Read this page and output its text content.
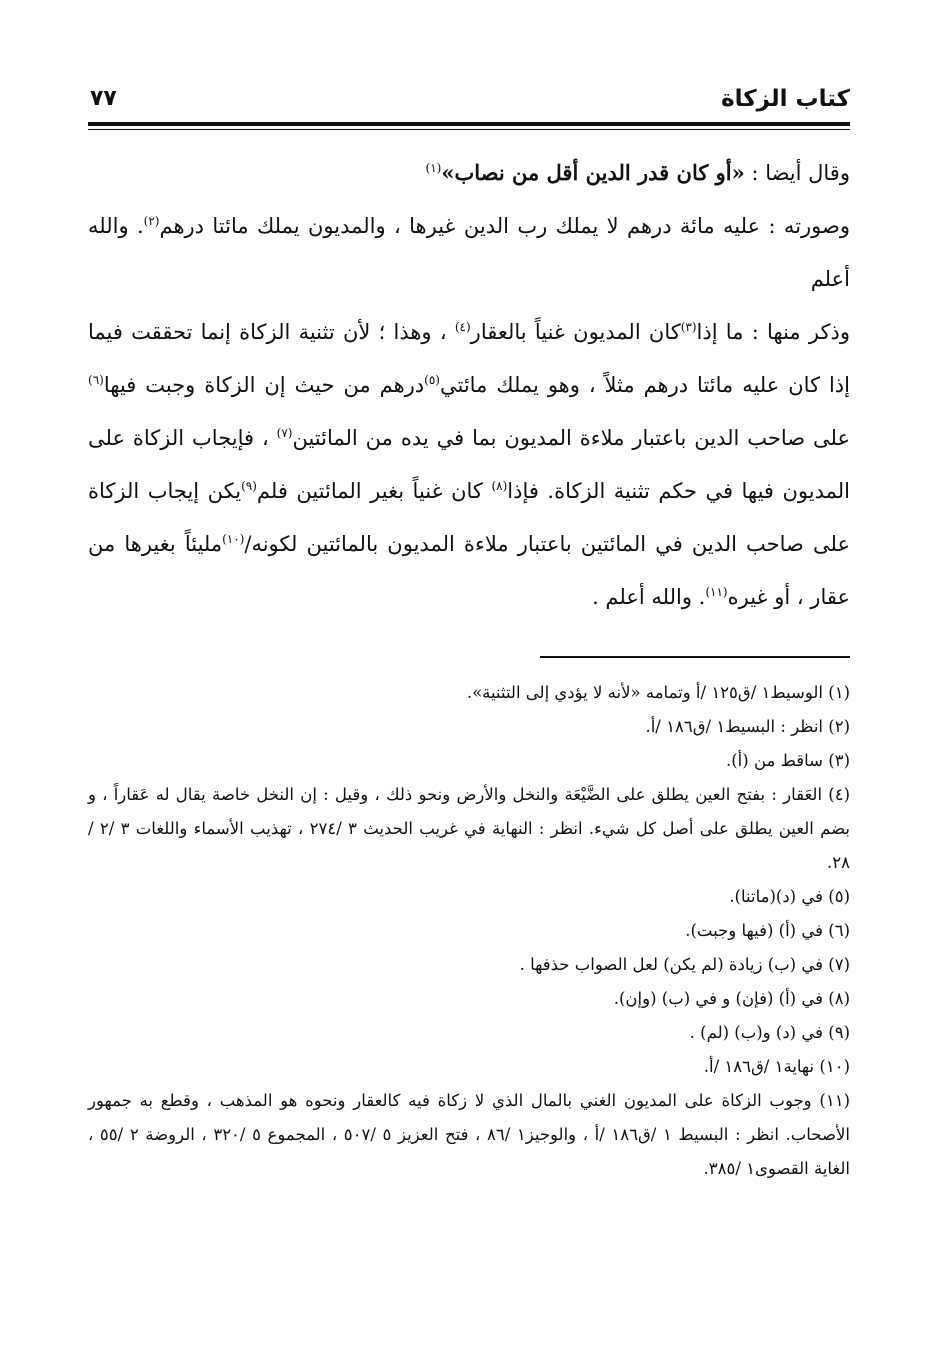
كتاب الزكاة
٧٧

وقال أيضا : «أو كان قدر الدين أقل من نصاب»$^{(١)}$

وصورته : عليه مائة درهم لا يملك رب الدين غيرها ، والمديون يملك مائتا درهم$^{(٢)}$. والله أعلم

وذكر منها : ما إذا$^{(٣)}$كان المديون غنياً بالعقار$^{(٤)}$ ، وهذا ؛ لأن تثنية الزكاة إنما تحققت فيما إذا كان عليه مائتا درهم مثلاً ، وهو يملك مائتي$^{(٥)}$درهم من حيث إن الزكاة وجبت فيها$^{(٦)}$ على صاحب الدين باعتبار ملاءة المديون بما في يده من المائتين$^{(٧)}$ ، فإيجاب الزكاة على المديون فيها في حكم تثنية الزكاة. فإذا$^{(٨)}$ كان غنياً بغير المائتين فلم$^{(٩)}$يكن إيجاب الزكاة على صاحب الدين في المائتين باعتبار ملاءة المديون بالمائتين لكونه/$^{(١٠)}$مليئاً بغيرها من عقار ، أو غيره$^{(١١)}$. والله أعلم .

(١) الوسيط١ /ق١٢٥ /أ وتمامه «لأنه لا يؤدي إلى التثنية».

(٢) انظر : البسيط١ /ق١٨٦ /أ.

(٣) ساقط من (أ).

(٤) العَقار : بفتح العين يطلق على الضَّيْعَة والنخل والأرض ونحو ذلك ، وقيل : إن النخل خاصة يقال له عَقاراً ، و بضم العين يطلق على أصل كل شيء. انظر : النهاية في غريب الحديث ٣ /٢٧٤ ، تهذيب الأسماء واللغات ٣ /٢ /٢٨.

(٥) في (د)(ماتنا).

(٦) في (أ) (فيها وجبت).

(٧) في (ب) زيادة (لم يكن) لعل الصواب حذفها .

(٨) في (أ) (فإن) و في (ب) (وإن).

(٩) في (د) و(ب) (لم) .

(١٠) نهاية١ /ق١٨٦ /أ.

(١١) وجوب الزكاة على المديون الغني بالمال الذي لا زكاة فيه كالعقار ونحوه هو المذهب ، وقطع به جمهور الأصحاب. انظر : البسيط ١ /ق١٨٦ /أ ، والوجيز١ /٨٦ ، فتح العزيز ٥ /٥٠٧ ، المجموع ٥ /٣٢٠ ، الروضة ٢ /٥٥ ، الغاية القصوى١ /٣٨٥.
